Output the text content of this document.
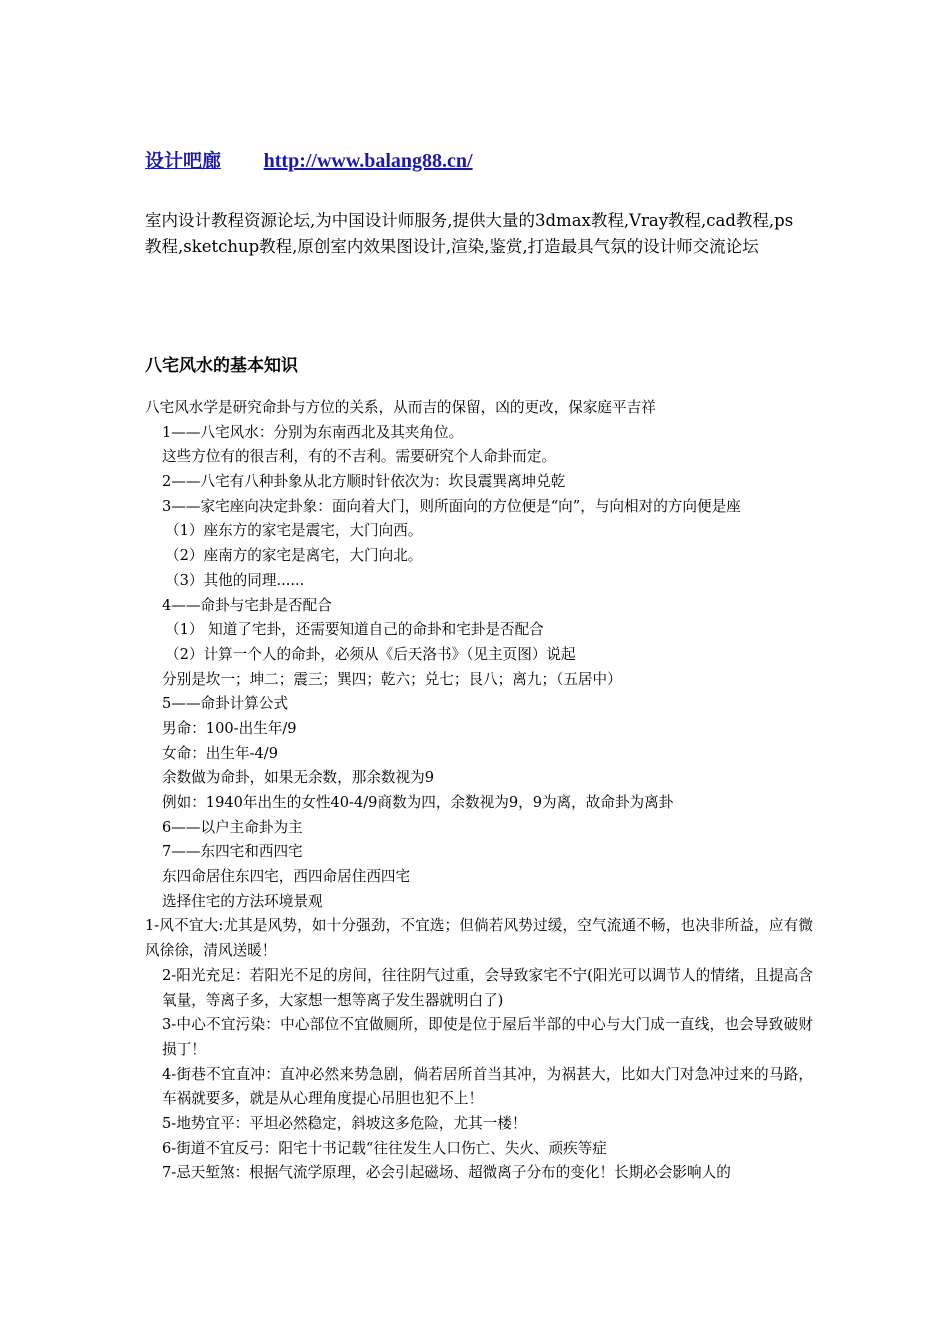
设计吧廊 http://www.balang88.cn/
室内设计教程资源论坛,为中国设计师服务,提供大量的3dmax教程,Vray教程,cad教程,ps教程,sketchup教程,原创室内效果图设计,渲染,鉴赏,打造最具气氛的设计师交流论坛
八宅风水的基本知识
八宅风水学是研究命卦与方位的关系，从而吉的保留，凶的更改，保家庭平吉祥
1——八宅风水：分别为东南西北及其夹角位。
这些方位有的很吉利，有的不吉利。需要研究个人命卦而定。
2——八宅有八种卦象从北方顺时针依次为：坎艮震巽离坤兑乾
3——家宅座向决定卦象：面向着大门，则所面向的方位便是“向”，与向相对的方向便是座
（1）座东方的家宅是震宅，大门向西。
（2）座南方的家宅是离宅，大门向北。
（3）其他的同理......
4——命卦与宅卦是否配合
（1） 知道了宅卦，还需要知道自己的命卦和宅卦是否配合
（2）计算一个人的命卦，必须从《后天洛书》（见主页图）说起
分别是坎一；坤二；震三；巽四；乾六；兑七；艮八；离九；（五居中）
5——命卦计算公式
男命：100-出生年/9
女命：出生年-4/9
余数做为命卦，如果无余数，那余数视为9
例如：1940年出生的女性40-4/9商数为四，余数视为9，9为离，故命卦为离卦
6——以户主命卦为主
7——东四宅和西四宅
东四命居住东四宅，西四命居住西四宅
选择住宅的方法环境景观
1-风不宜大:尤其是风势，如十分强劲，不宜选；但倘若风势过缓，空气流通不畅，也决非所益，应有微风徐徐，清风送暖！
2-阳光充足：若阳光不足的房间，往往阴气过重，会导致家宅不宁(阳光可以调节人的情绪，且提高含氧量，等离子多，大家想一想等离子发生器就明白了)
3-中心不宜污染：中心部位不宜做厕所，即使是位于屋后半部的中心与大门成一直线，也会导致破财损丁！
4-街巷不宜直冲：直冲必然来势急剧，倘若居所首当其冲，为祸甚大，比如大门对急冲过来的马路，车祸就要多，就是从心理角度提心吊胆也犯不上！
5-地势宜平：平坦必然稳定，斜坡这多危险，尤其一楼！
6-街道不宜反弓：阳宅十书记载“往往发生人口伤亡、失火、顽疾等症
7-忌天堑煞：根据气流学原理，必会引起磁场、超微离子分布的变化！长期必会影响人的
